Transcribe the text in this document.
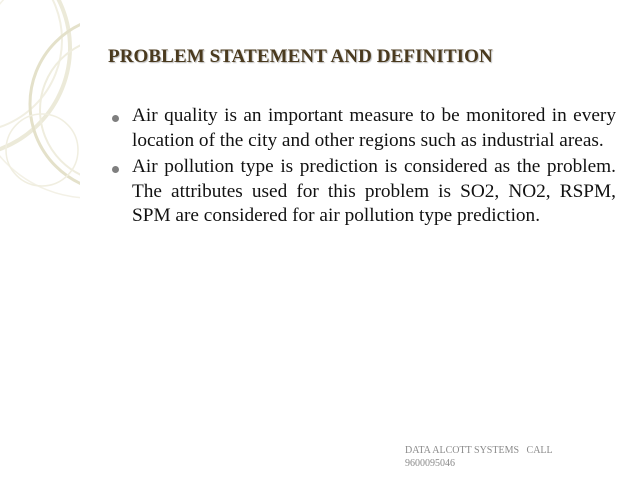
PROBLEM STATEMENT AND DEFINITION
Air quality is an important measure to be monitored in every location of the city and other regions such as industrial areas.
Air pollution type is prediction is considered as the problem. The attributes used for this problem is SO2, NO2, RSPM, SPM are considered for air pollution type prediction.
DATA ALCOTT SYSTEMS   CALL
9600095046
